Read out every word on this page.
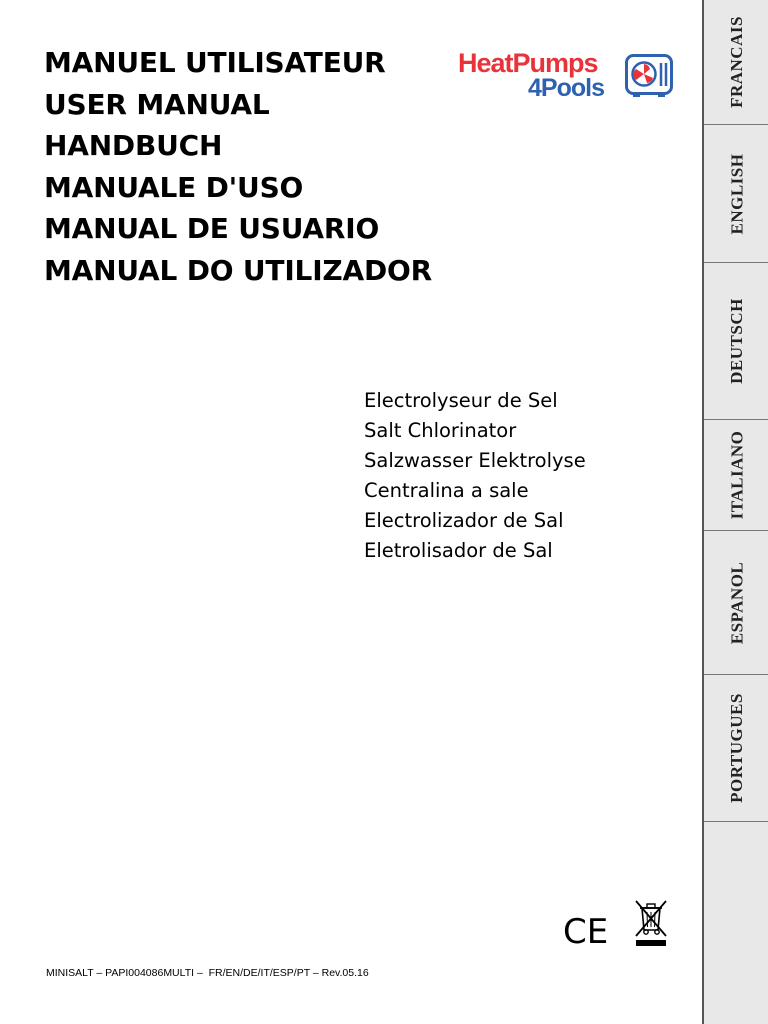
MANUEL UTILISATEUR
USER MANUAL
HANDBUCH
MANUALE D'USO
MANUAL DE USUARIO
MANUAL DO UTILIZADOR
HeatPumps
4Pools
Electrolyseur de Sel
Salt Chlorinator
Salzwasser Elektrolyse
Centralina a sale
Electrolizador de Sal
Eletrolisador de Sal
FRANCAIS
ENGLISH
DEUTSCH
ITALIANO
ESPANOL
PORTUGUES
CE
MINISALT – PAPI004086MULTI –  FR/EN/DE/IT/ESP/PT – Rev.05.16
